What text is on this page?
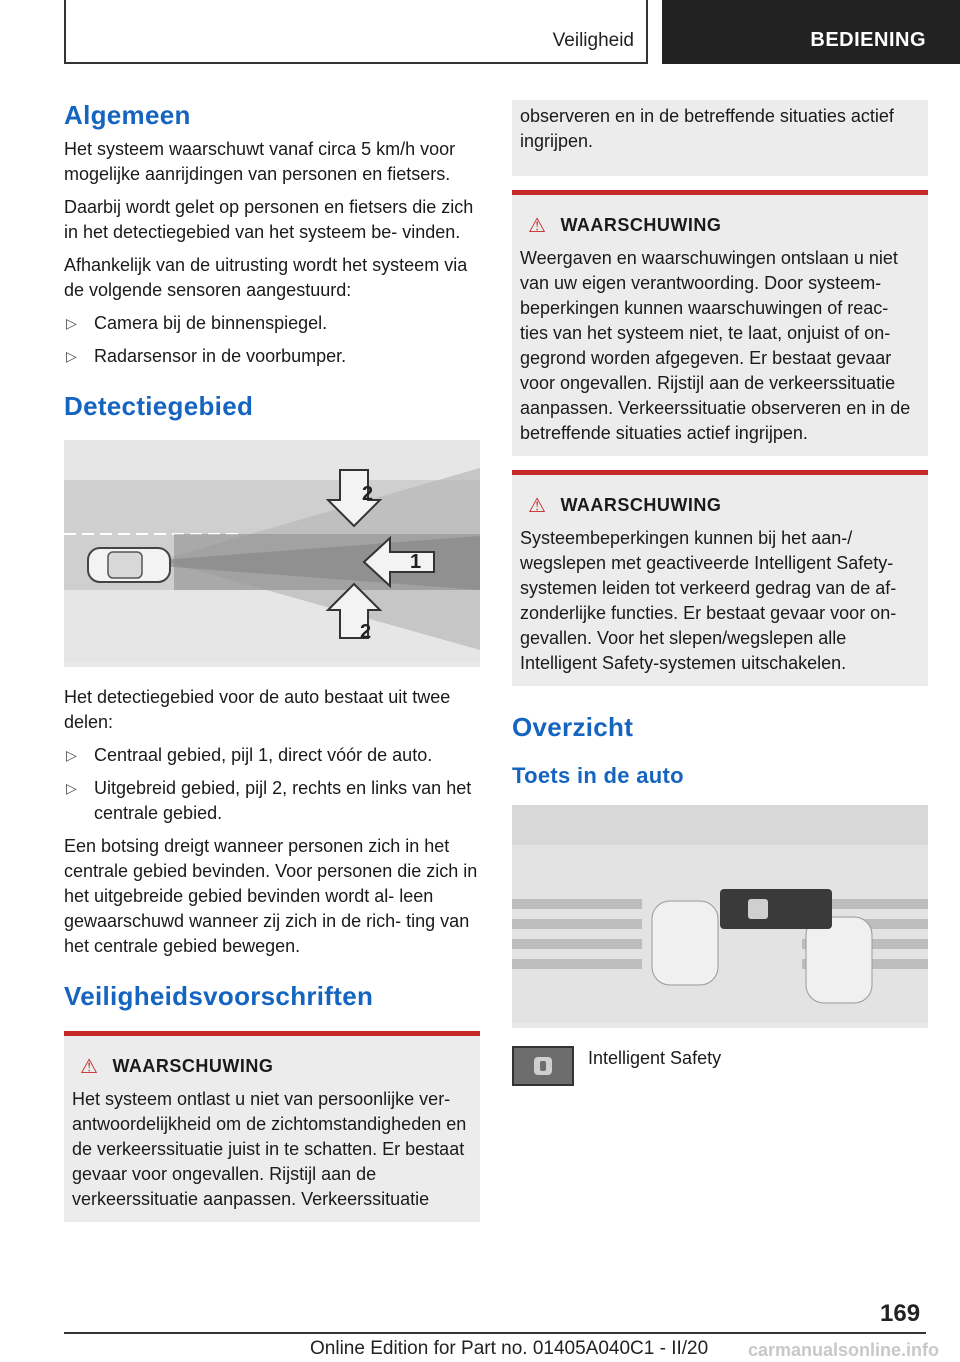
Veiligheid	BEDIENING
Algemeen

Het systeem waarschuwt vanaf circa 5 km/h voor mogelijke aanrijdingen van personen en fietsers.

Daarbij wordt gelet op personen en fietsers die zich in het detectiegebied van het systeem be‐ vinden.

Afhankelijk van de uitrusting wordt het systeem via de volgende sensoren aangestuurd:

▷ Camera bij de binnenspiegel.
▷ Radarsensor in de voorbumper.
Detectiegebied
2
1
2

Het detectiegebied voor de auto bestaat uit twee delen:

▷ Centraal gebied, pijl 1, direct vóór de auto.
▷ Uitgebreid gebied, pijl 2, rechts en links van het centrale gebied.

Een botsing dreigt wanneer personen zich in het centrale gebied bevinden. Voor personen die zich in het uitgebreide gebied bevinden wordt al‐ leen gewaarschuwd wanneer zij zich in de rich‐ ting van het centrale gebied bewegen.

Veiligheidsvoorschriften
⚠ WAARSCHUWING

Het systeem ontlast u niet van persoonlijke ver‐ antwoordelijkheid om de zichtomstandigheden en de verkeerssituatie juist in te schatten. Er bestaat gevaar voor ongevallen. Rijstijl aan de verkeerssituatie aanpassen. Verkeerssituatie

observeren en in de betreffende situaties actief ingrijpen.

⚠ WAARSCHUWING

Weergaven en waarschuwingen ontslaan u niet van uw eigen verantwoording. Door systeem‐ beperkingen kunnen waarschuwingen of reac‐ ties van het systeem niet, te laat, onjuist of on‐ gegrond worden afgegeven. Er bestaat gevaar voor ongevallen. Rijstijl aan de verkeerssituatie aanpassen. Verkeerssituatie observeren en in de betreffende situaties actief ingrijpen.

⚠ WAARSCHUWING

Systeembeperkingen kunnen bij het aan-/ wegslepen met geactiveerde Intelligent Safety- systemen leiden tot verkeerd gedrag van de af‐ zonderlijke functies. Er bestaat gevaar voor on‐ gevallen. Voor het slepen/wegslepen alle Intelligent Safety-systemen uitschakelen.

Overzicht
Toets in de auto
Intelligent Safety
169
Online Edition for Part no. 01405A040C1 - II/20 carmanualsonline.info
